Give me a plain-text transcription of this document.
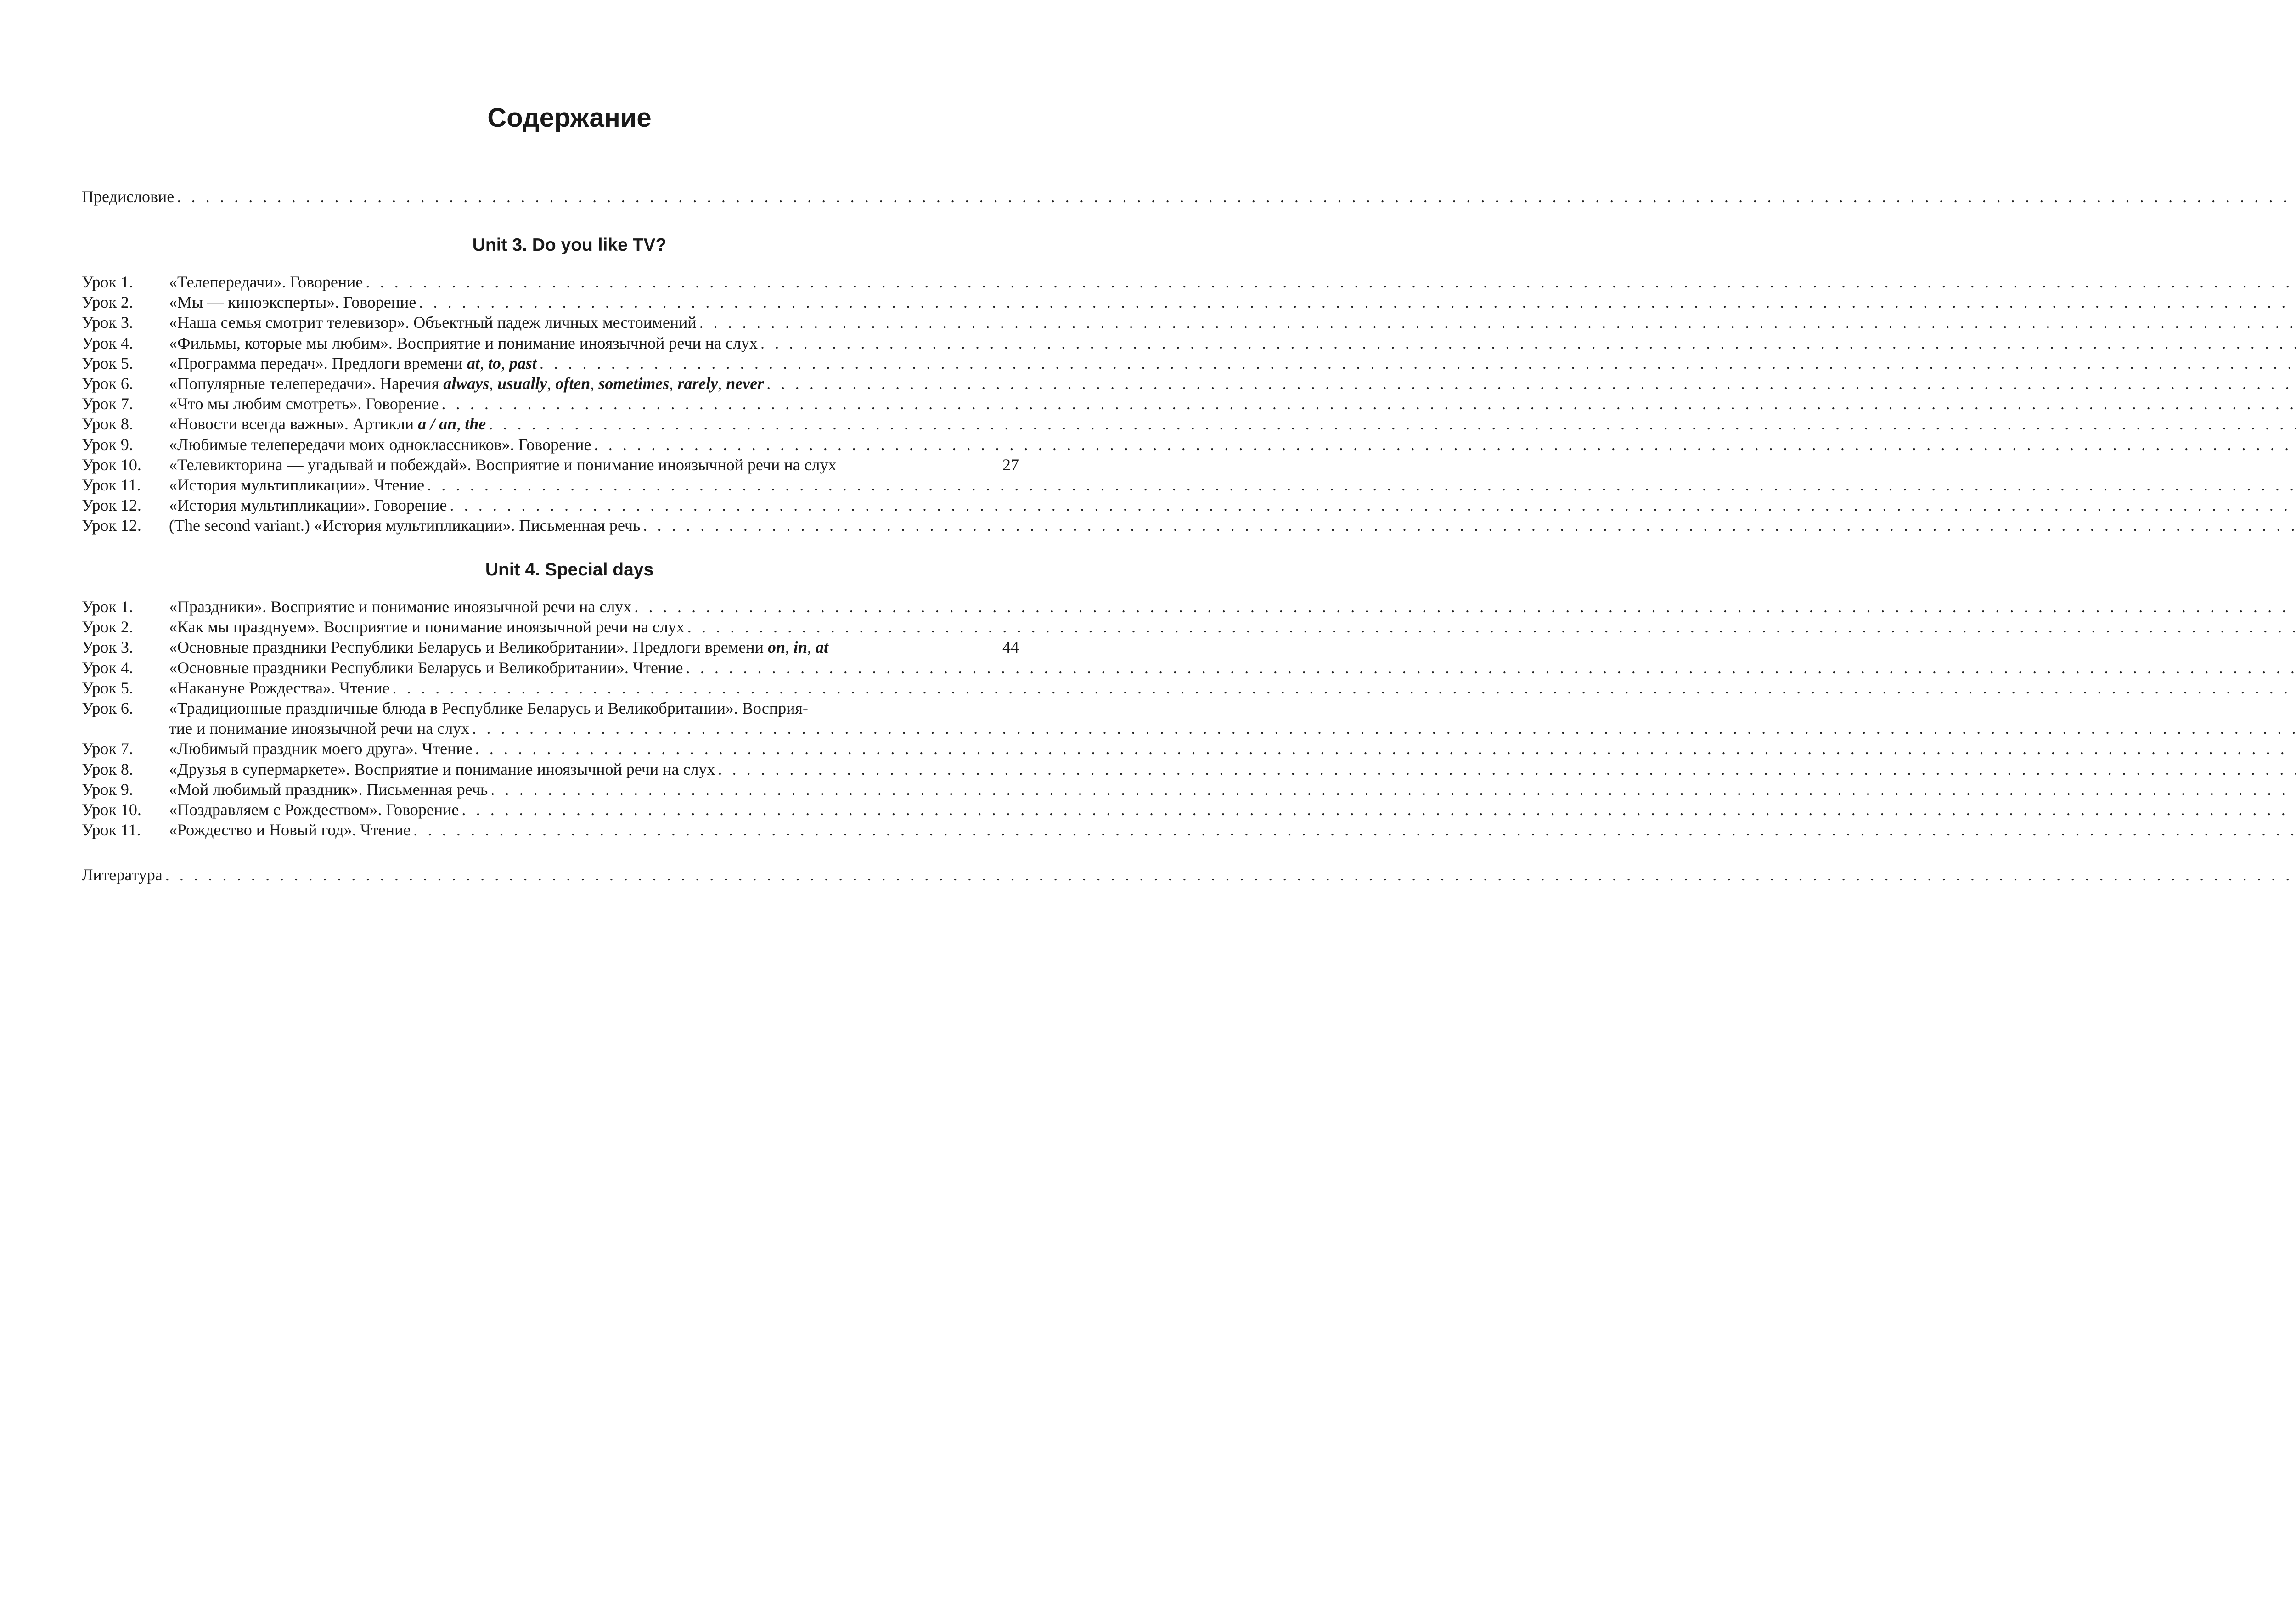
Содержание
Предисловие
. . .
Unit 3. Do you like TV?
Урок 1.	«Телепередачи». Говорение
. . .
Урок 2.	«Мы — киноэксперты». Говорение
. . .
Урок 3.	«Наша семья смотрит телевизор». Объектный падеж личных местоимений
. . .
Урок 4.	«Фильмы, которые мы любим». Восприятие и понимание иноязычной речи на слух
. . .
Урок 5.	«Программа передач». Предлоги времени at, to, past
. . .
Урок 6.	«Популярные телепередачи». Наречия always, usually, often, sometimes, rarely, never
. . .
Урок 7.	«Что мы любим смотреть». Говорение
. . .
Урок 8.	«Новости всегда важны». Артикли a / an, the
. . .
Урок 9.	«Любимые телепередачи моих одноклассников». Говорение
. . .
Урок 10.	«Телевикторина — угадывай и побеждай». Восприятие и понимание иноязычной речи на слух	27
Урок 11.	«История мультипликации». Чтение
. . .
Урок 12.	«История мультипликации». Говорение
. . .
Урок 12.	(The second variant.) «История мультипликации». Письменная речь
. . .
Unit 4. Special days
Урок 1.	«Праздники». Восприятие и понимание иноязычной речи на слух
. . .
Урок 2.	«Как мы празднуем». Восприятие и понимание иноязычной речи на слух
. . .
Урок 3.	«Основные праздники Республики Беларусь и Великобритании». Предлоги времени on, in, at	44
Урок 4.	«Основные праздники Республики Беларусь и Великобритании». Чтение
. . .
Урок 5.	«Накануне Рождества». Чтение
. . .
Урок 6.	«Традиционные праздничные блюда в Республике Беларусь и Великобритании». Восприя-
тие и понимание иноязычной речи на слух
. . .
Урок 7.	«Любимый праздник моего друга». Чтение
. . .
Урок 8.	«Друзья в супермаркете». Восприятие и понимание иноязычной речи на слух
. . .
Урок 9.	«Мой любимый праздник». Письменная речь
. . .
Урок 10.	«Поздравляем с Рождеством». Говорение
. . .
Урок 11.	«Рождество и Новый год». Чтение
. . .
Литература
. . .
